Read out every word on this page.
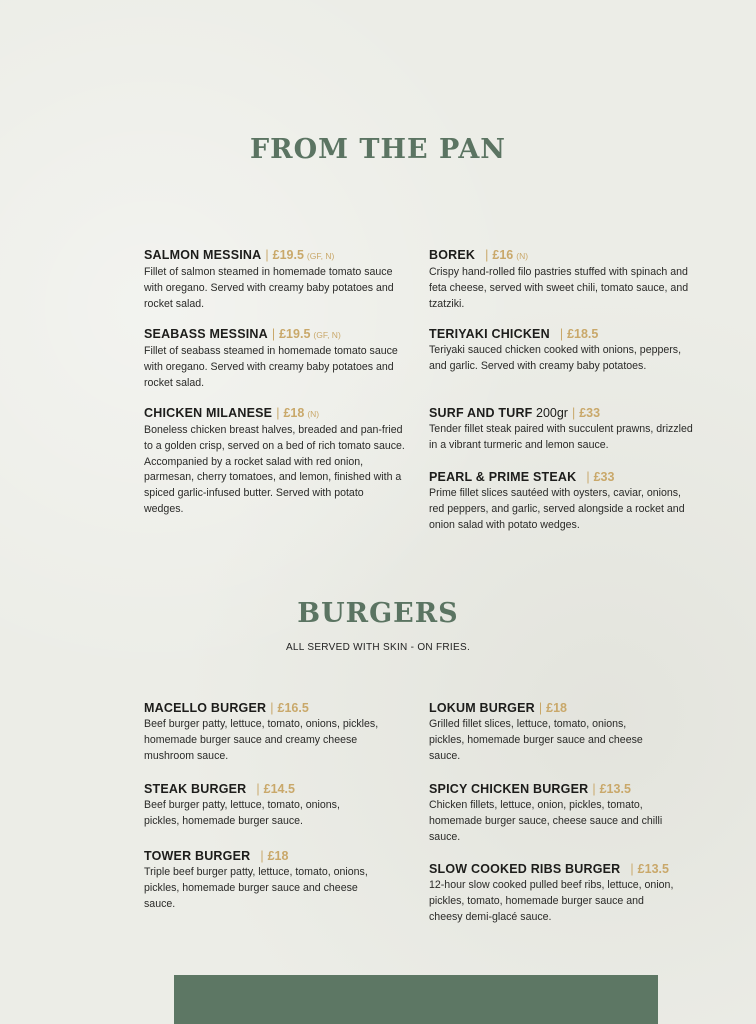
FROM THE PAN
SALMON MESSINA | £19.5 (GF, N)
Fillet of salmon steamed in homemade tomato sauce with oregano. Served with creamy baby potatoes and rocket salad.
SEABASS MESSINA | £19.5 (GF, N)
Fillet of seabass steamed in homemade tomato sauce with oregano. Served with creamy baby potatoes and rocket salad.
CHICKEN MILANESE | £18 (N)
Boneless chicken breast halves, breaded and pan-fried to a golden crisp, served on a bed of rich tomato sauce. Accompanied by a rocket salad with red onion, parmesan, cherry tomatoes, and lemon, finished with a spiced garlic-infused butter. Served with potato wedges.
BOREK | £16 (N)
Crispy hand-rolled filo pastries stuffed with spinach and feta cheese, served with sweet chili, tomato sauce, and tzatziki.
TERIYAKI CHICKEN | £18.5
Teriyaki sauced chicken cooked with onions, peppers, and garlic. Served with creamy baby potatoes.
SURF AND TURF 200gr | £33
Tender fillet steak paired with succulent prawns, drizzled in a vibrant turmeric and lemon sauce.
PEARL & PRIME STEAK | £33
Prime fillet slices sautéed with oysters, caviar, onions, red peppers, and garlic, served alongside a rocket and onion salad with potato wedges.
BURGERS
ALL SERVED WITH SKIN - ON FRIES.
MACELLO BURGER | £16.5
Beef burger patty, lettuce, tomato, onions, pickles, homemade burger sauce and creamy cheese mushroom sauce.
STEAK BURGER | £14.5
Beef burger patty, lettuce, tomato, onions, pickles, homemade burger sauce.
TOWER BURGER | £18
Triple beef burger patty, lettuce, tomato, onions, pickles, homemade burger sauce and cheese sauce.
LOKUM BURGER | £18
Grilled fillet slices, lettuce, tomato, onions, pickles, homemade burger sauce and cheese sauce.
SPICY CHICKEN BURGER | £13.5
Chicken fillets, lettuce, onion, pickles, tomato, homemade burger sauce, cheese sauce and chilli sauce.
SLOW COOKED RIBS BURGER | £13.5
12-hour slow cooked pulled beef ribs, lettuce, onion, pickles, tomato, homemade burger sauce and cheesy demi-glacé sauce.
